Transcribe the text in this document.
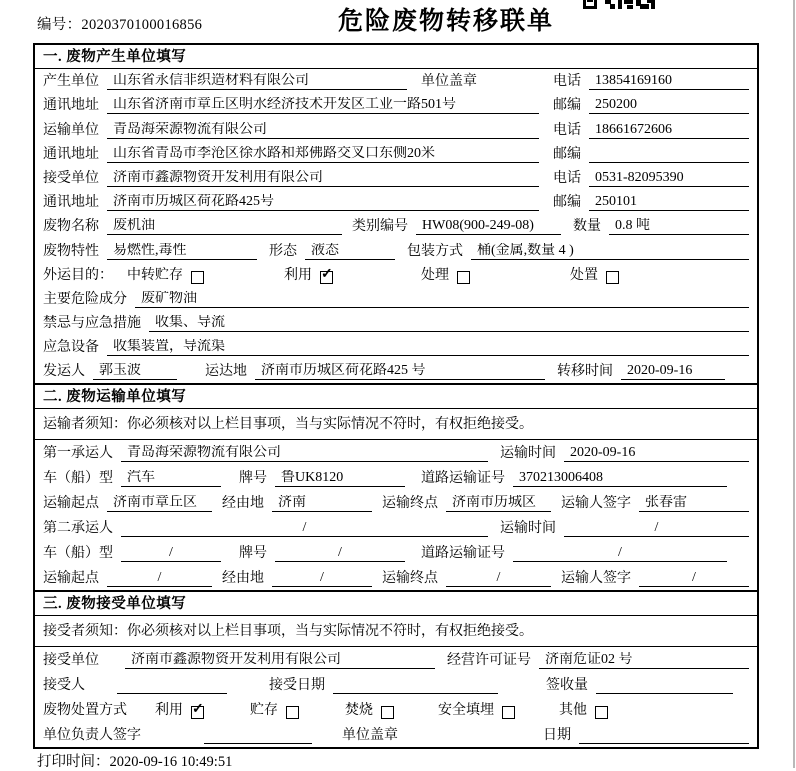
编号：2020370100016856	危险废物转移联单
一. 废物产生单位填写
产生单位	山东省永信非织造材料有限公司	单位盖章	电话	13854169160
通讯地址	山东省济南市章丘区明水经济技术开发区工业一路501号	邮编	250200
运输单位	青岛海荣源物流有限公司	电话	18661672606
通讯地址	山东省青岛市李沧区徐水路和郑佛路交叉口东侧20米	邮编
接受单位	济南市鑫源物资开发利用有限公司	电话	0531-82095390
通讯地址	济南市历城区荷花路425号	邮编	250101
废物名称	废机油	类别编号	HW08(900-249-08)	数量	0.8 吨
废物特性	易燃性,毒性	形态	液态	包装方式	桶(金属,数量 4 )
外运目的： 中转贮存	利用 ✓	处理	处置
主要危险成分	废矿物油
禁忌与应急措施	收集、导流
应急设备	收集装置，导流渠
发运人	郭玉波	运达地	济南市历城区荷花路425 号	转移时间	2020-09-16
二. 废物运输单位填写
运输者须知：你必须核对以上栏目事项，当与实际情况不符时，有权拒绝接受。
第一承运人	青岛海荣源物流有限公司	运输时间	2020-09-16
车（船）型	汽车	牌号	鲁UK8120	道路运输证号	370213006408
运输起点	济南市章丘区	经由地	济南	运输终点	济南市历城区	运输人签字	张春雷
第二承运人	/	运输时间	/
车（船）型	/	牌号	/	道路运输证号	/
运输起点	/	经由地	/	运输终点	/	运输人签字	/
三. 废物接受单位填写
接受者须知：你必须核对以上栏目事项，当与实际情况不符时，有权拒绝接受。
接受单位	济南市鑫源物资开发利用有限公司	经营许可证号	济南危证02 号
接受人	接受日期	签收量
废物处置方式 利用 ✓	贮存	焚烧	安全填埋	其他
单位负责人签字	单位盖章	日期
打印时间：2020-09-16 10:49:51
